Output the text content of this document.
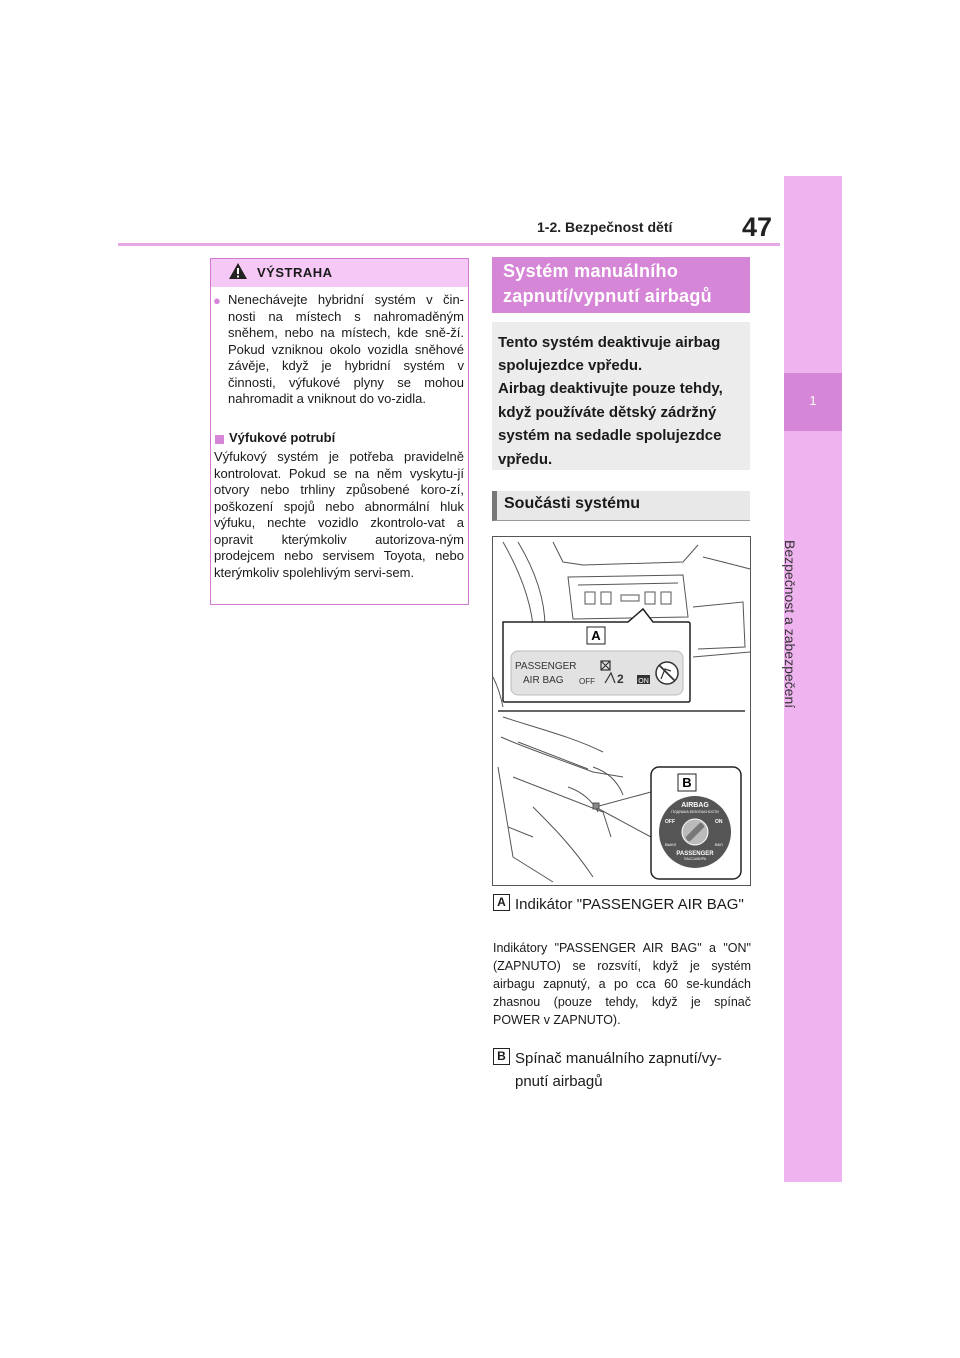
47
1-2. Bezpečnost dětí
1
Bezpečnost a zabezpečení
VÝSTRAHA
● Nenechávejte hybridní systém v čin-nosti na místech s nahromaděným sněhem, nebo na místech, kde sně-ží. Pokud vzniknou okolo vozidla sněhové závěje, když je hybridní systém v činnosti, výfukové plyny se mohou nahromadit a vniknout do vo-zidla.
Výfukové potrubí
Výfukový systém je potřeba pravidelně kontrolovat. Pokud se na něm vyskytu-jí otvory nebo trhliny způsobené koro-zí, poškození spojů nebo abnormální hluk výfuku, nechte vozidlo zkontrolo-vat a opravit kterýmkoliv autorizova-ným prodejcem nebo servisem Toyota, nebo kterýmkoliv spolehlivým servi-sem.
Systém manuálního zapnutí/vypnutí airbagů
Tento systém deaktivuje airbag spolujezdce vpředu.
Airbag deaktivujte pouze tehdy, když používáte dětský zádržný systém na sedadle spolujezdce vpředu.
Součásti systému
A
PASSENGER
AIR BAG OFF 2 ON
B
AIRBAG
ПОДУШКА БЕЗОПАСНОСТИ
OFF	ON
ВЫКЛ	ВКЛ
PASSENGER
ПАССАЖИРА
A Indikátor "PASSENGER AIR BAG"
Indikátory "PASSENGER AIR BAG" a "ON" (ZAPNUTO) se rozsvítí, když je systém airbagu zapnutý, a po cca 60 se-kundách zhasnou (pouze tehdy, když je spínač POWER v ZAPNUTO).
B Spínač manuálního zapnutí/vy-pnutí airbagů
